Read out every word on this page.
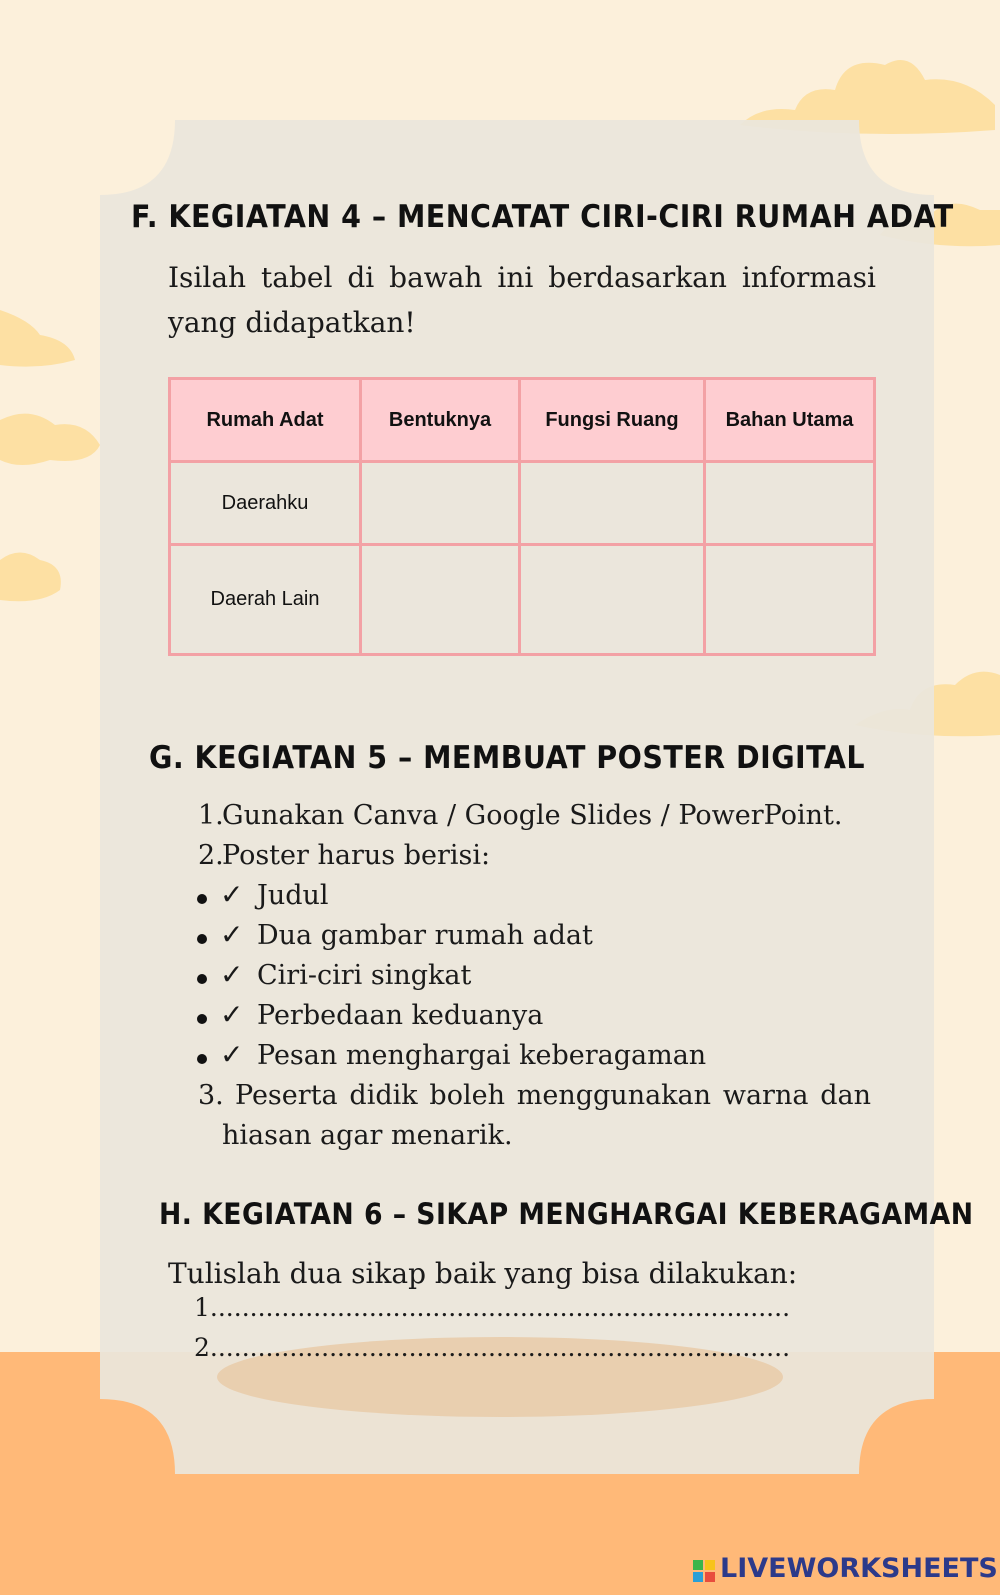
F. KEGIATAN 4 – MENCATAT CIRI-CIRI RUMAH ADAT
Isilah tabel di bawah ini berdasarkan informasi yang didapatkan!
Rumah Adat	Bentuknya	Fungsi Ruang	Bahan Utama
Daerahku			
Daerah Lain			
G. KEGIATAN 5 – MEMBUAT POSTER DIGITAL
1.
Gunakan Canva / Google Slides / PowerPoint.
2.
Poster harus berisi:
✓ Judul
✓ Dua gambar rumah adat
✓ Ciri-ciri singkat
✓ Perbedaan keduanya
✓ Pesan menghargai keberagaman
3. Peserta didik boleh menggunakan warna dan
hiasan agar menarik.
H. KEGIATAN 6 – SIKAP MENGHARGAI KEBERAGAMAN
Tulislah dua sikap baik yang bisa dilakukan:
1.........................................................................
2.........................................................................
LIVEWORKSHEETS
